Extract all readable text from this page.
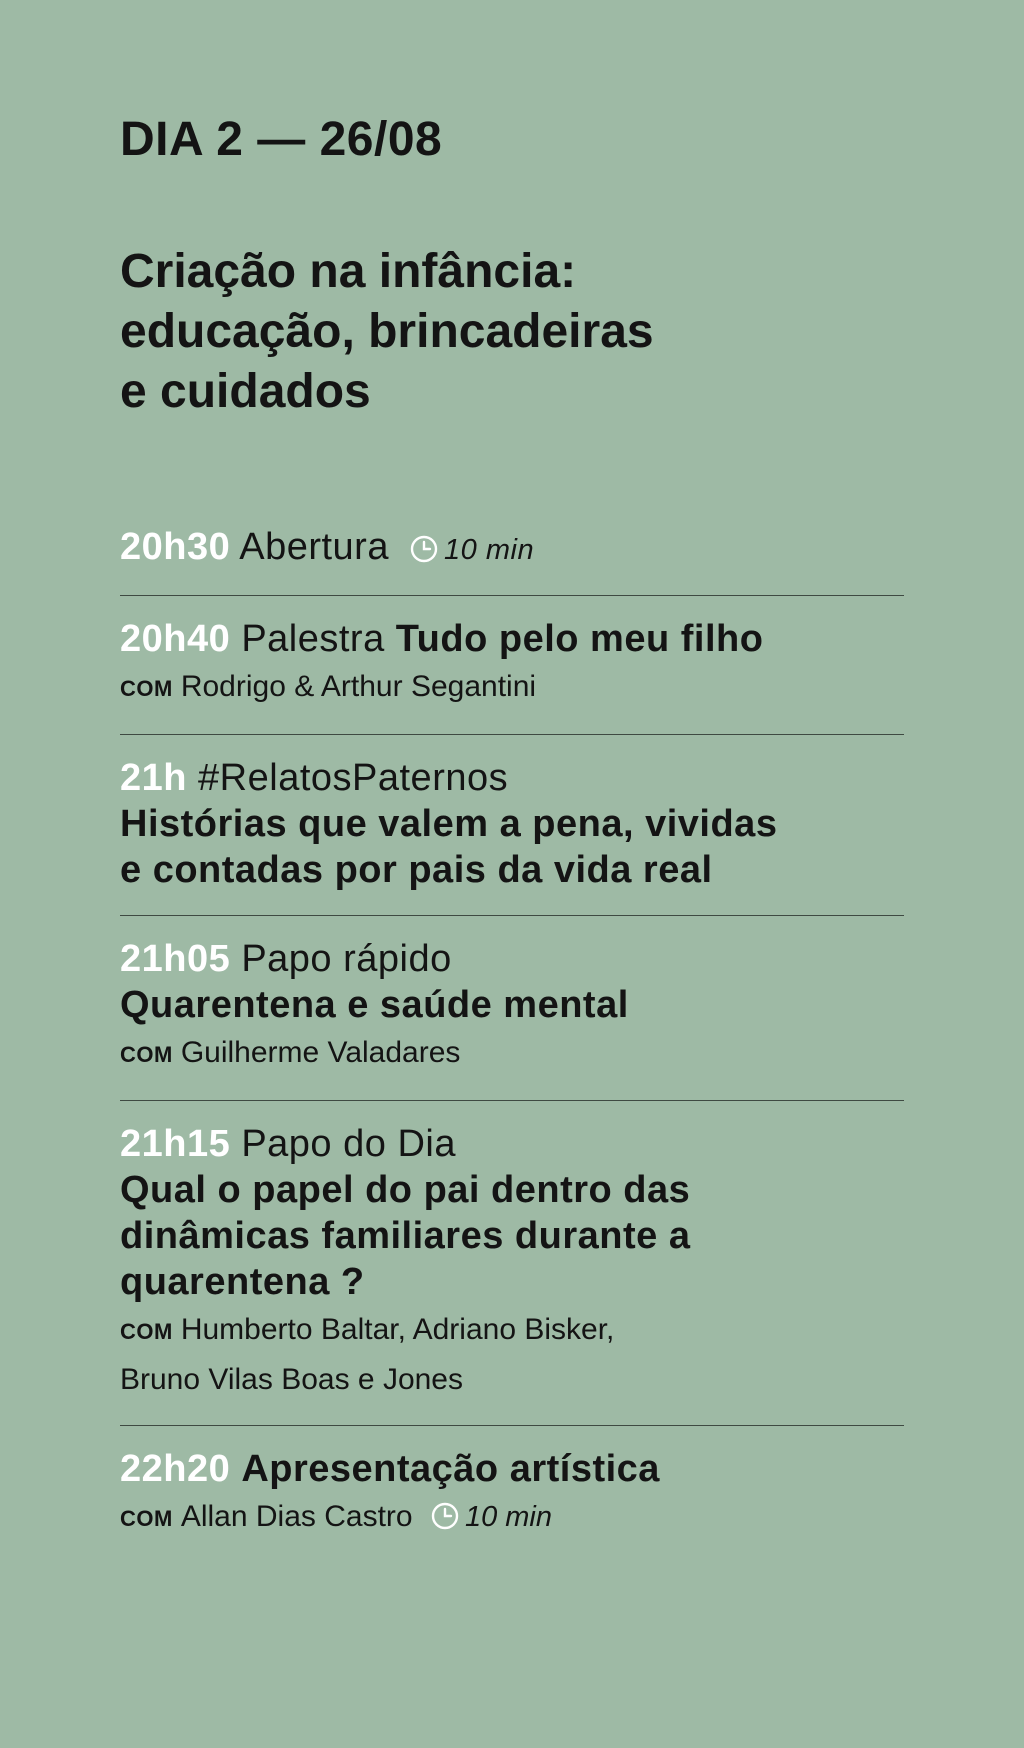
DIA 2 — 26/08
Criação na infância:
educação, brincadeiras
e cuidados
20h30 Abertura 10 min
20h40 Palestra Tudo pelo meu filho
COM Rodrigo & Arthur Segantini
21h #RelatosPaternos
Histórias que valem a pena, vividas
e contadas por pais da vida real
21h05 Papo rápido
Quarentena e saúde mental
COM Guilherme Valadares
21h15 Papo do Dia
Qual o papel do pai dentro das
dinâmicas familiares durante a
quarentena ?
COM Humberto Baltar, Adriano Bisker,
Bruno Vilas Boas e Jones
22h20 Apresentação artística
COM Allan Dias Castro 10 min
